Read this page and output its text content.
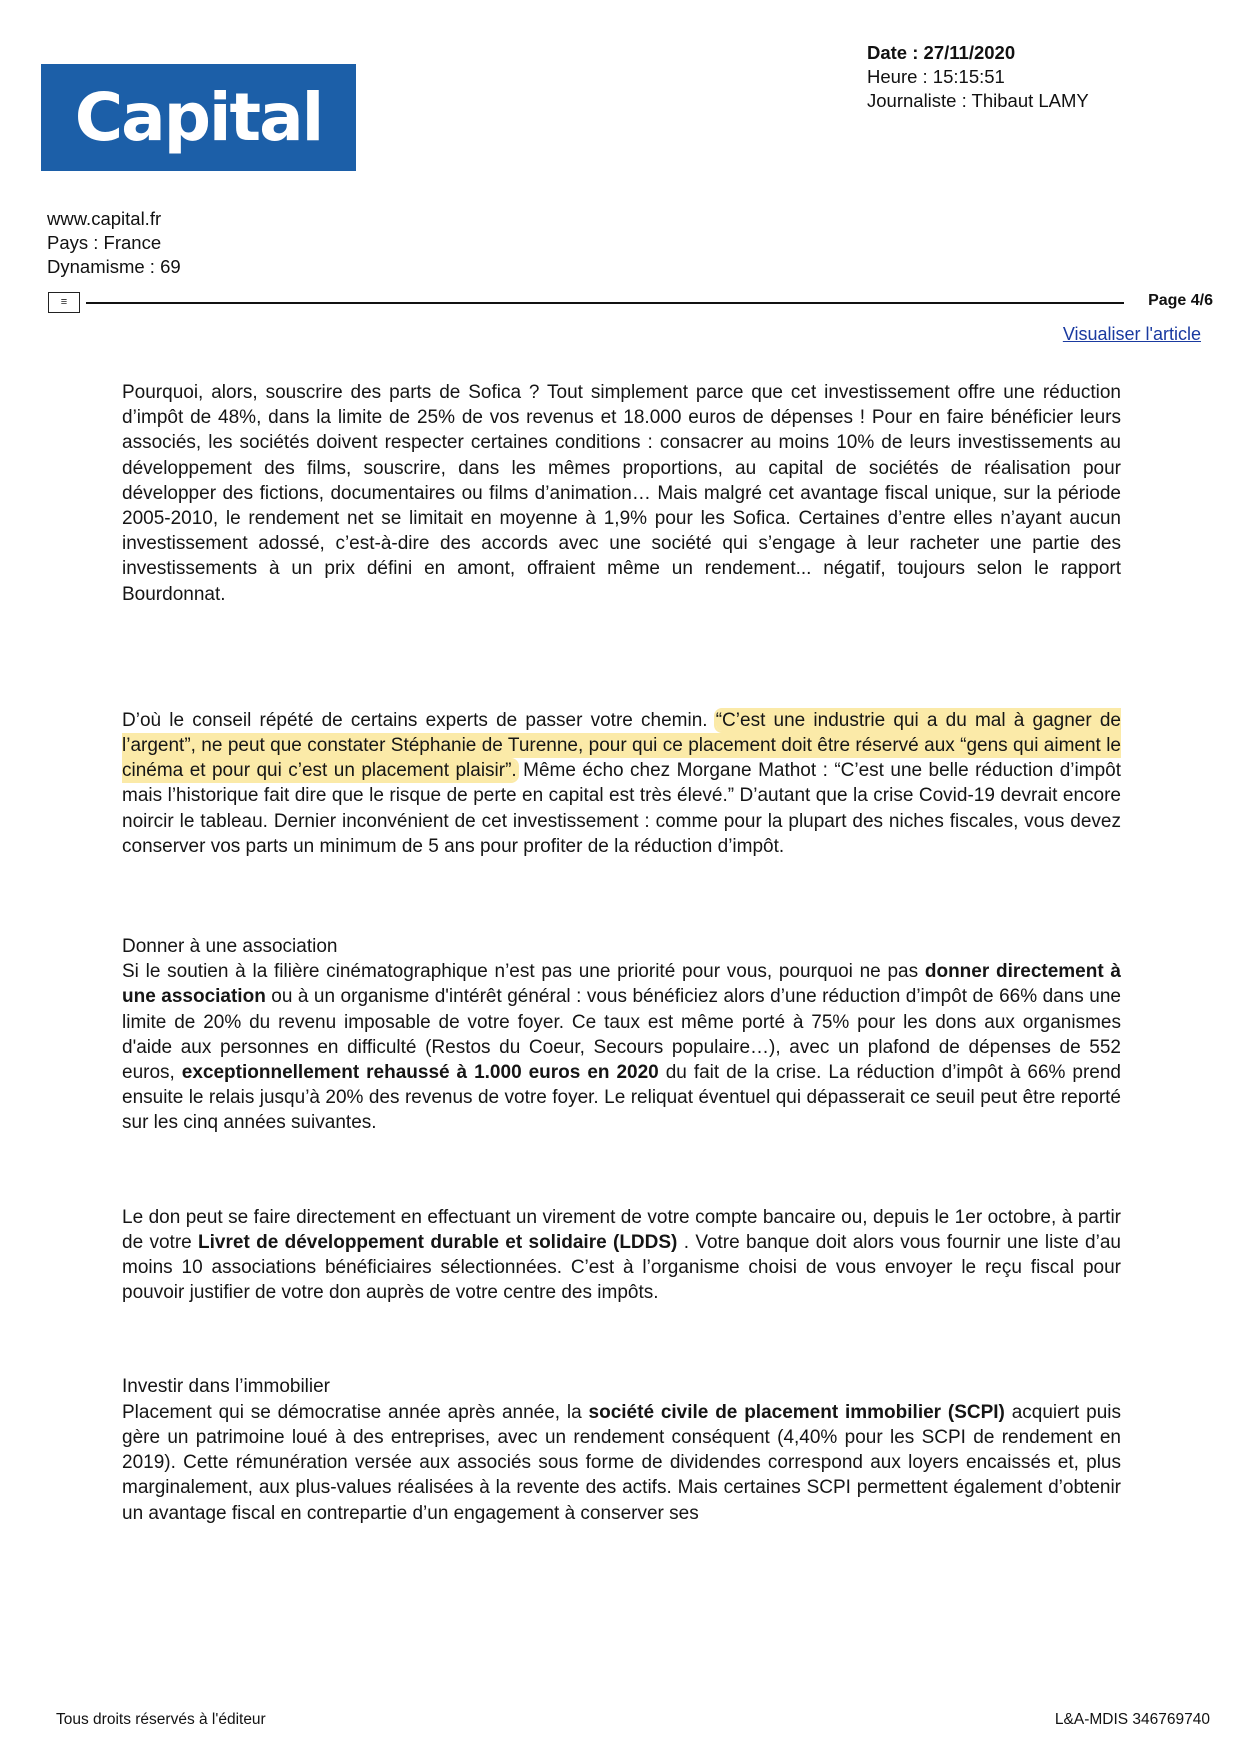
Capital
Date : 27/11/2020
Heure : 15:15:51
Journaliste : Thibaut LAMY
www.capital.fr
Pays : France
Dynamisme : 69
≡	Page 4/6
Visualiser l'article

Pourquoi, alors, souscrire des parts de Sofica ? Tout simplement parce que cet investissement offre une réduction d’impôt de 48%, dans la limite de 25% de vos revenus et 18.000 euros de dépenses ! Pour en faire bénéficier leurs associés, les sociétés doivent respecter certaines conditions : consacrer au moins 10% de leurs investissements au développement des films, souscrire, dans les mêmes proportions, au capital de sociétés de réalisation pour développer des fictions, documentaires ou films d’animation… Mais malgré cet avantage fiscal unique, sur la période 2005-2010, le rendement net se limitait en moyenne à 1,9% pour les Sofica. Certaines d’entre elles n’ayant aucun investissement adossé, c’est-à-dire des accords avec une société qui s’engage à leur racheter une partie des investissements à un prix défini en amont, offraient même un rendement... négatif, toujours selon le rapport Bourdonnat.

D’où le conseil répété de certains experts de passer votre chemin. “C’est une industrie qui a du mal à gagner de l’argent”, ne peut que constater Stéphanie de Turenne, pour qui ce placement doit être réservé aux “gens qui aiment le cinéma et pour qui c’est un placement plaisir”. Même écho chez Morgane Mathot : “C’est une belle réduction d’impôt mais l’historique fait dire que le risque de perte en capital est très élevé.” D’autant que la crise Covid-19 devrait encore noircir le tableau. Dernier inconvénient de cet investissement : comme pour la plupart des niches fiscales, vous devez conserver vos parts un minimum de 5 ans pour profiter de la réduction d’impôt.

Donner à une association

Si le soutien à la filière cinématographique n’est pas une priorité pour vous, pourquoi ne pas donner directement à une association ou à un organisme d'intérêt général : vous bénéficiez alors d’une réduction d’impôt de 66% dans une limite de 20% du revenu imposable de votre foyer. Ce taux est même porté à 75% pour les dons aux organismes d'aide aux personnes en difficulté (Restos du Coeur, Secours populaire…), avec un plafond de dépenses de 552 euros, exceptionnellement rehaussé à 1.000 euros en 2020 du fait de la crise. La réduction d’impôt à 66% prend ensuite le relais jusqu’à 20% des revenus de votre foyer. Le reliquat éventuel qui dépasserait ce seuil peut être reporté sur les cinq années suivantes.

Le don peut se faire directement en effectuant un virement de votre compte bancaire ou, depuis le 1er octobre, à partir de votre Livret de développement durable et solidaire (LDDS) . Votre banque doit alors vous fournir une liste d’au moins 10 associations bénéficiaires sélectionnées. C’est à l’organisme choisi de vous envoyer le reçu fiscal pour pouvoir justifier de votre don auprès de votre centre des impôts.

Investir dans l’immobilier

Placement qui se démocratise année après année, la société civile de placement immobilier (SCPI) acquiert puis gère un patrimoine loué à des entreprises, avec un rendement conséquent (4,40% pour les SCPI de rendement en 2019). Cette rémunération versée aux associés sous forme de dividendes correspond aux loyers encaissés et, plus marginalement, aux plus-values réalisées à la revente des actifs. Mais certaines SCPI permettent également d’obtenir un avantage fiscal en contrepartie d’un engagement à conserver ses

Tous droits réservés à l'éditeur	L&A-MDIS 346769740
